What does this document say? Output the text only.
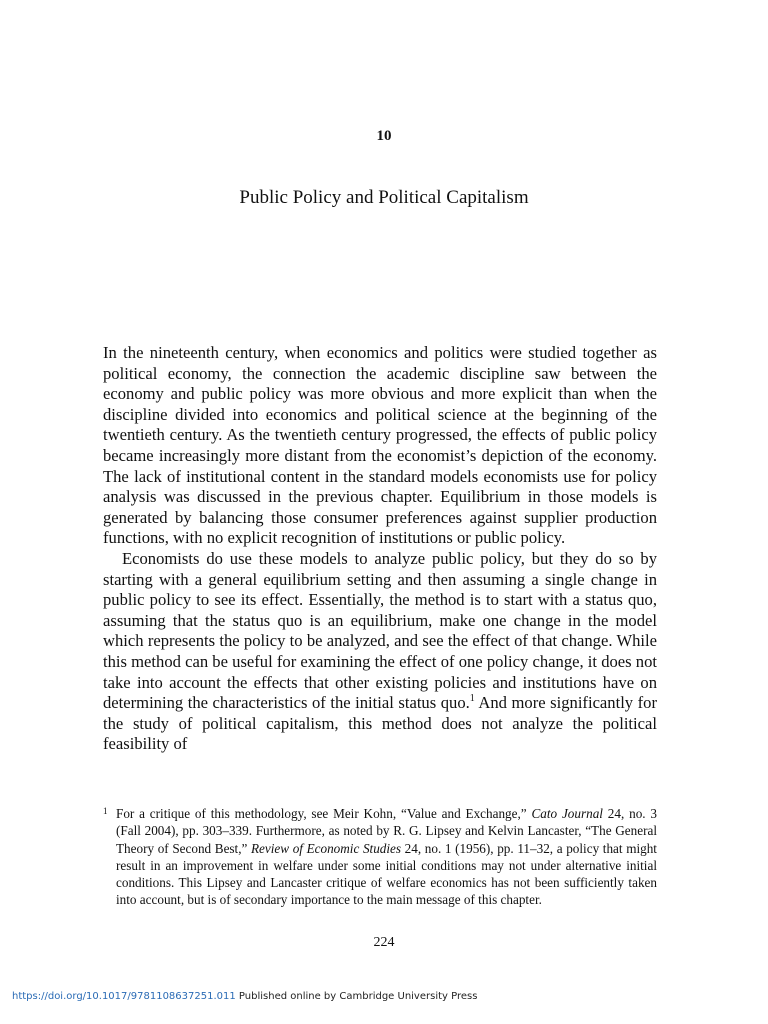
10
Public Policy and Political Capitalism

In the nineteenth century, when economics and politics were studied together as political economy, the connection the academic discipline saw between the economy and public policy was more obvious and more explicit than when the discipline divided into economics and political science at the beginning of the twentieth century. As the twentieth century progressed, the effects of public policy became increasingly more distant from the economist’s depiction of the economy. The lack of institutional content in the standard models economists use for policy analysis was discussed in the previous chapter. Equilibrium in those models is generated by balancing those consumer preferences against supplier production functions, with no explicit recognition of institutions or public policy.

Economists do use these models to analyze public policy, but they do so by starting with a general equilibrium setting and then assuming a single change in public policy to see its effect. Essentially, the method is to start with a status quo, assuming that the status quo is an equilibrium, make one change in the model which represents the policy to be analyzed, and see the effect of that change. While this method can be useful for examining the effect of one policy change, it does not take into account the effects that other existing policies and institutions have on determining the characteristics of the initial status quo.$^1$ And more significantly for the study of political capitalism, this method does not analyze the political feasibility of

1 For a critique of this methodology, see Meir Kohn, “Value and Exchange,” Cato Journal 24, no. 3 (Fall 2004), pp. 303–339. Furthermore, as noted by R. G. Lipsey and Kelvin Lancaster, “The General Theory of Second Best,” Review of Economic Studies 24, no. 1 (1956), pp. 11–32, a policy that might result in an improvement in welfare under some initial conditions may not under alternative initial conditions. This Lipsey and Lancaster critique of welfare economics has not been sufficiently taken into account, but is of secondary importance to the main message of this chapter.
224
https://doi.org/10.1017/9781108637251.011 Published online by Cambridge University Press
